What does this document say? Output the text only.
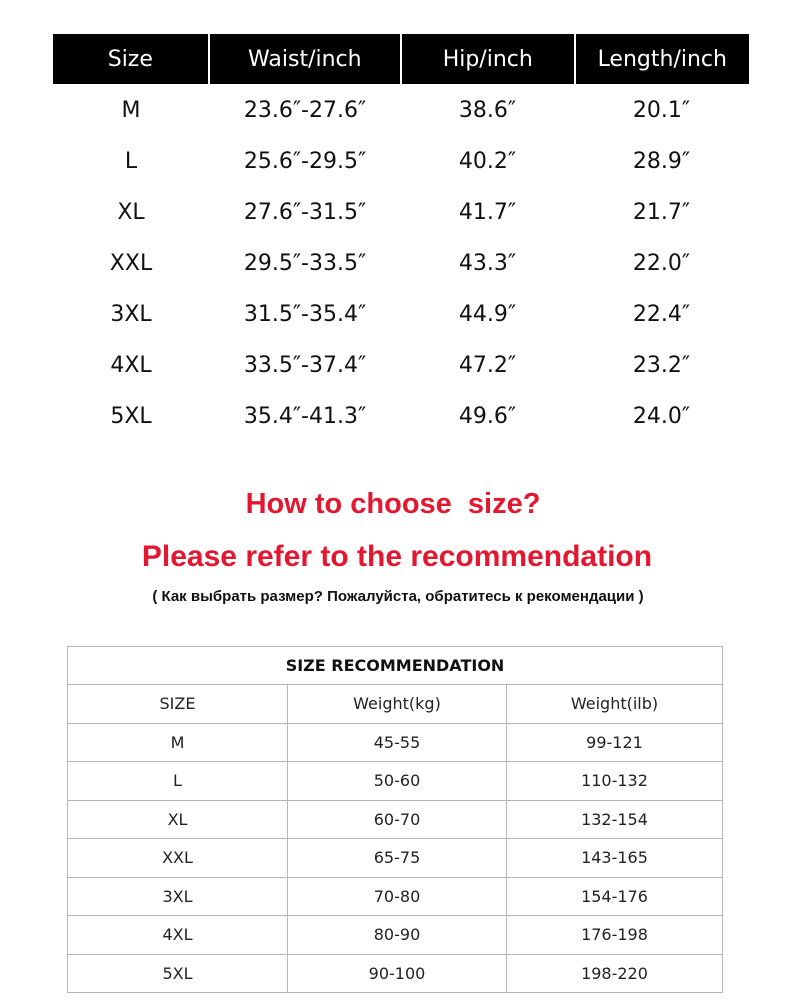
Size	Waist/inch	Hip/inch	Length/inch
M	23.6″-27.6″	38.6″	20.1″
L	25.6″-29.5″	40.2″	28.9″
XL	27.6″-31.5″	41.7″	21.7″
XXL	29.5″-33.5″	43.3″	22.0″
3XL	31.5″-35.4″	44.9″	22.4″
4XL	33.5″-37.4″	47.2″	23.2″
5XL	35.4″-41.3″	49.6″	24.0″
How to choose  size?
Please refer to the recommendation
( Как выбрать размер? Пожалуйста, обратитесь к рекомендации )
SIZE RECOMMENDATION
SIZE	Weight(kg)	Weight(ilb)
M	45-55	99-121
L	50-60	110-132
XL	60-70	132-154
XXL	65-75	143-165
3XL	70-80	154-176
4XL	80-90	176-198
5XL	90-100	198-220
